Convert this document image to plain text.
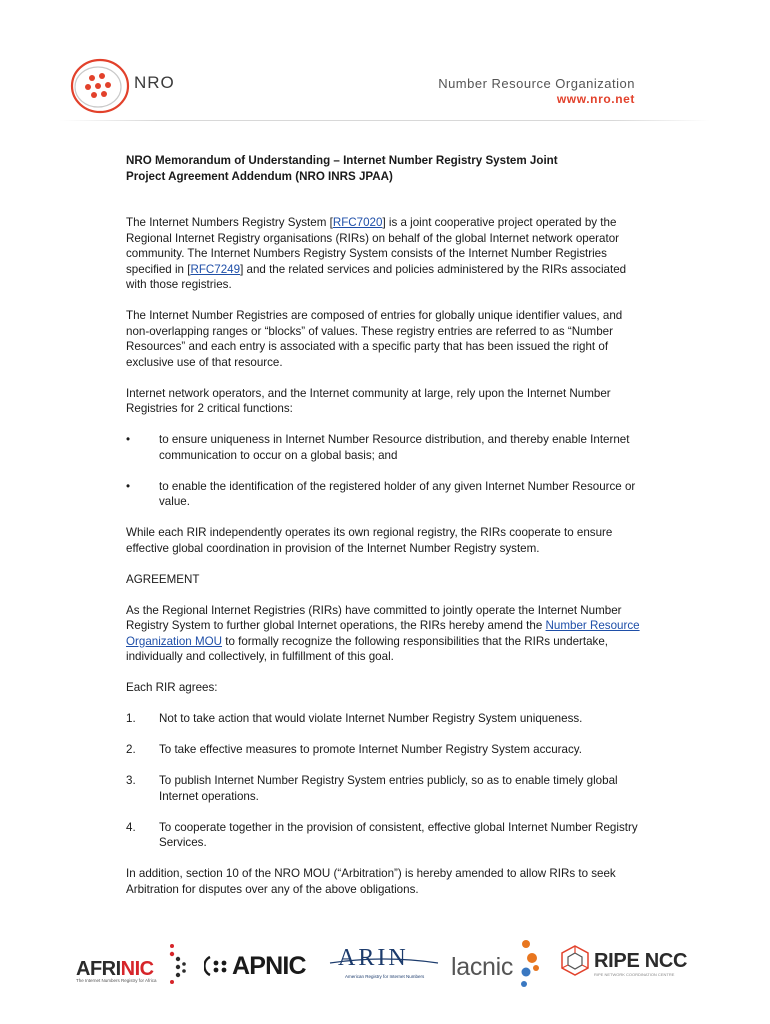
NRO	Number Resource Organization
www.nro.net
NRO Memorandum of Understanding – Internet Number Registry System Joint
Project Agreement Addendum (NRO INRS JPAA)

The Internet Numbers Registry System [RFC7020] is a joint cooperative project operated by the Regional Internet Registry organisations (RIRs) on behalf of the global Internet network operator community. The Internet Numbers Registry System consists of the Internet Number Registries specified in [RFC7249] and the related services and policies administered by the RIRs associated with those registries.

The Internet Number Registries are composed of entries for globally unique identifier values, and non-overlapping ranges or “blocks” of values. These registry entries are referred to as “Number Resources” and each entry is associated with a specific party that has been issued the right of exclusive use of that resource.

Internet network operators, and the Internet community at large, rely upon the Internet Number Registries for 2 critical functions:

• to ensure uniqueness in Internet Number Resource distribution, and thereby enable Internet communication to occur on a global basis; and
• to enable the identification of the registered holder of any given Internet Number Resource or value.

While each RIR independently operates its own regional registry, the RIRs cooperate to ensure effective global coordination in provision of the Internet Number Registry system.

AGREEMENT

As the Regional Internet Registries (RIRs) have committed to jointly operate the Internet Number Registry System to further global Internet operations, the RIRs hereby amend the Number Resource Organization MOU to formally recognize the following responsibilities that the RIRs undertake, individually and collectively, in fulfillment of this goal.

Each RIR agrees:

1. Not to take action that would violate Internet Number Registry System uniqueness.
2. To take effective measures to promote Internet Number Registry System accuracy.
3. To publish Internet Number Registry System entries publicly, so as to enable timely global Internet operations.
4. To cooperate together in the provision of consistent, effective global Internet Number Registry Services.

In addition, section 10 of the NRO MOU (“Arbitration”) is hereby amended to allow RIRs to seek Arbitration for disputes over any of the above obligations.

AFRINIC
The Internet Numbers Registry for Africa
APNIC ARIN
American Registry for Internet Numbers lacnic	RIPE NCC
RIPE NETWORK COORDINATION CENTRE
